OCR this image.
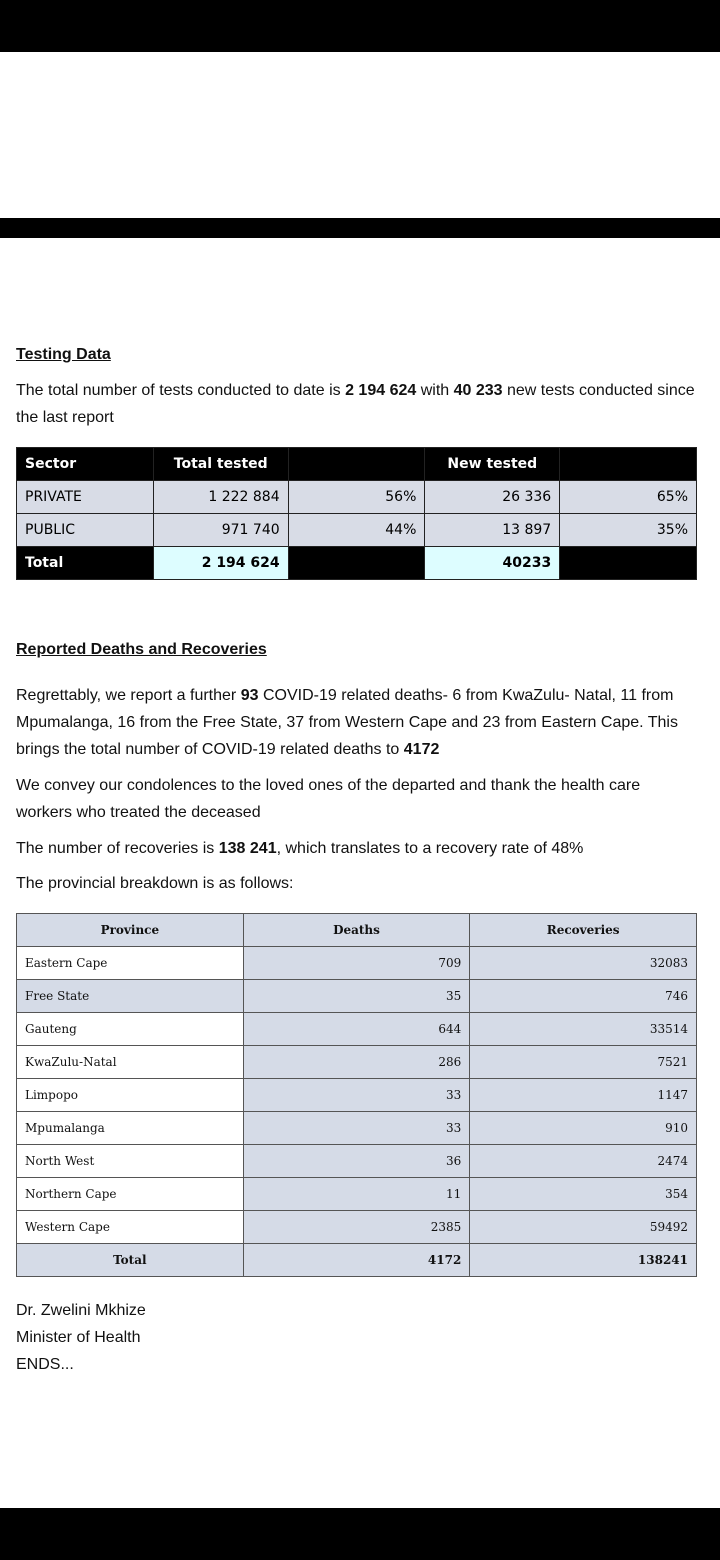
Testing Data
The total number of tests conducted to date is 2 194 624 with 40 233 new tests conducted since the last report
Sector	Total tested		New tested	
PRIVATE	1 222 884	56%	26 336	65%
PUBLIC	971 740	44%	13 897	35%
Total	2 194 624		40233	
Reported Deaths and Recoveries
Regrettably, we report a further 93 COVID-19 related deaths- 6 from KwaZulu- Natal, 11 from Mpumalanga, 16 from the Free State, 37 from Western Cape and 23 from Eastern Cape. This brings the total number of COVID-19 related deaths to 4172
We convey our condolences to the loved ones of the departed and thank the health care workers who treated the deceased
The number of recoveries is 138 241, which translates to a recovery rate of 48%
The provincial breakdown is as follows:
Province	Deaths	Recoveries
Eastern Cape	709	32083
Free State	35	746
Gauteng	644	33514
KwaZulu-Natal	286	7521
Limpopo	33	1147
Mpumalanga	33	910
North West	36	2474
Northern Cape	11	354
Western Cape	2385	59492
Total	4172	138241
Dr. Zwelini Mkhize
Minister of Health
ENDS...
